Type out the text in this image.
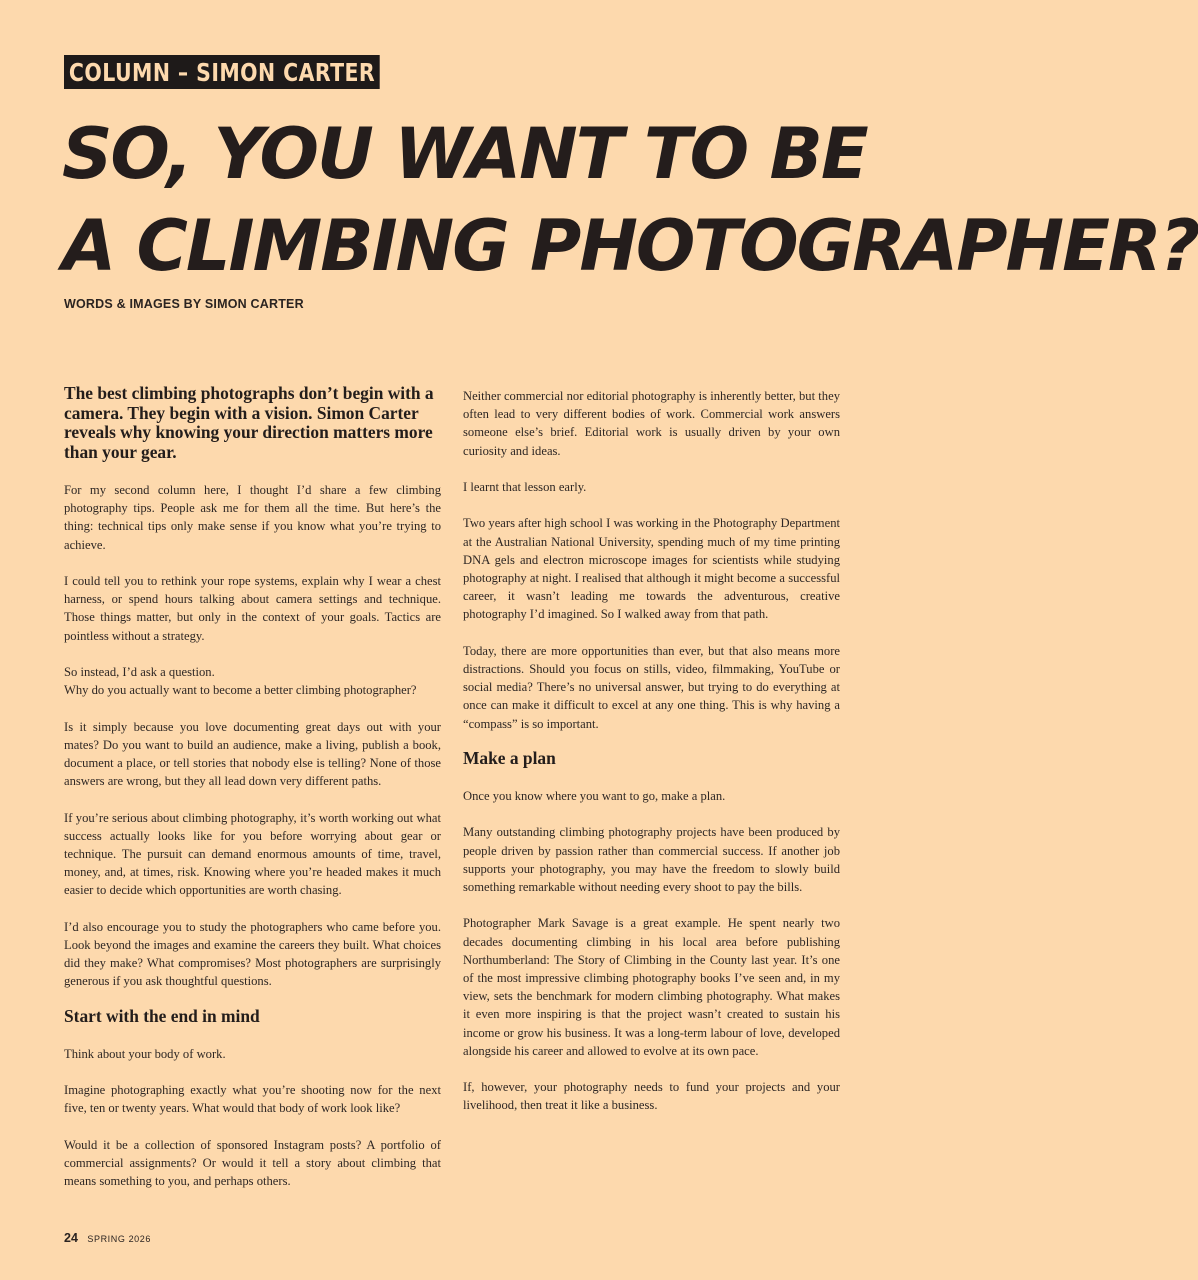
COLUMN – SIMON CARTER
SO, YOU WANT TO BE
A CLIMBING PHOTOGRAPHER?
WORDS & IMAGES BY SIMON CARTER

The best climbing photographs don’t begin with a camera. They begin with a vision. Simon Carter reveals why knowing your direction matters more than your gear.

For my second column here, I thought I’d share a few climbing photography tips. People ask me for them all the time. But here’s the thing: technical tips only make sense if you know what you’re trying to achieve.

I could tell you to rethink your rope systems, explain why I wear a chest harness, or spend hours talking about camera settings and technique. Those things matter, but only in the context of your goals. Tactics are pointless without a strategy.

So instead, I’d ask a question.
Why do you actually want to become a better climbing photographer?

Is it simply because you love documenting great days out with your mates? Do you want to build an audience, make a living, publish a book, document a place, or tell stories that nobody else is telling? None of those answers are wrong, but they all lead down very different paths.

If you’re serious about climbing photography, it’s worth working out what success actually looks like for you before worrying about gear or technique. The pursuit can demand enormous amounts of time, travel, money, and, at times, risk. Knowing where you’re headed makes it much easier to decide which opportunities are worth chasing.

I’d also encourage you to study the photographers who came before you. Look beyond the images and examine the careers they built. What choices did they make? What compromises? Most photographers are surprisingly generous if you ask thoughtful questions.

Start with the end in mind

Think about your body of work.

Imagine photographing exactly what you’re shooting now for the next five, ten or twenty years. What would that body of work look like?

Would it be a collection of sponsored Instagram posts? A portfolio of commercial assignments? Or would it tell a story about climbing that means something to you, and perhaps others.

Neither commercial nor editorial photography is inherently better, but they often lead to very different bodies of work. Commercial work answers someone else’s brief. Editorial work is usually driven by your own curiosity and ideas.

I learnt that lesson early.

Two years after high school I was working in the Photography Department at the Australian National University, spending much of my time printing DNA gels and electron microscope images for scientists while studying photography at night. I realised that although it might become a successful career, it wasn’t leading me towards the adventurous, creative photography I’d imagined. So I walked away from that path.

Today, there are more opportunities than ever, but that also means more distractions. Should you focus on stills, video, filmmaking, YouTube or social media? There’s no universal answer, but trying to do everything at once can make it difficult to excel at any one thing. This is why having a “compass” is so important.

Make a plan

Once you know where you want to go, make a plan.

Many outstanding climbing photography projects have been produced by people driven by passion rather than commercial success. If another job supports your photography, you may have the freedom to slowly build something remarkable without needing every shoot to pay the bills.

Photographer Mark Savage is a great example. He spent nearly two decades documenting climbing in his local area before publishing Northumberland: The Story of Climbing in the County last year. It’s one of the most impressive climbing photography books I’ve seen and, in my view, sets the benchmark for modern climbing photography. What makes it even more inspiring is that the project wasn’t created to sustain his income or grow his business. It was a long-term labour of love, developed alongside his career and allowed to evolve at its own pace.

If, however, your photography needs to fund your projects and your livelihood, then treat it like a business.

24 SPRING 2026
